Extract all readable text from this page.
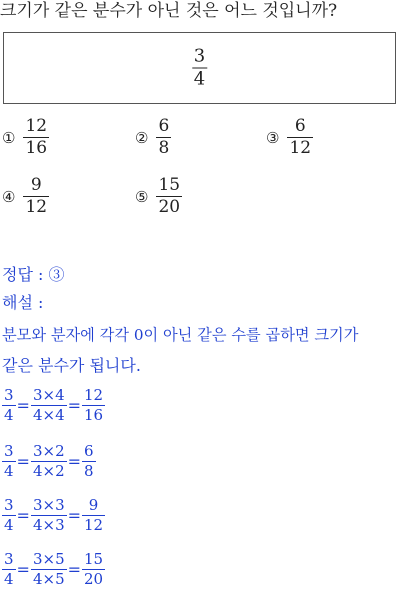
크기가 같은 분수가 아닌 것은 어느 것입니까?
$\frac{3}{4}$
① $\frac{12}{16}$	② $\frac{6}{8}$	③ $\frac{6}{12}$
④ $\frac{9}{12}$	⑤ $\frac{15}{20}$
정답 : ③
해설 :
분모와 분자에 각각 0이 아닌 같은 수를 곱하면 크기가
같은 분수가 됩니다.
$\frac{3}{4} = \frac{3\times 4}{4\times 4} = \frac{12}{16}$
$\frac{3}{4} = \frac{3\times 2}{4\times 2} = \frac{6}{8}$
$\frac{3}{4} = \frac{3\times 3}{4\times 3} = \frac{9}{12}$
$\frac{3}{4} = \frac{3\times 5}{4\times 5} = \frac{15}{20}$
